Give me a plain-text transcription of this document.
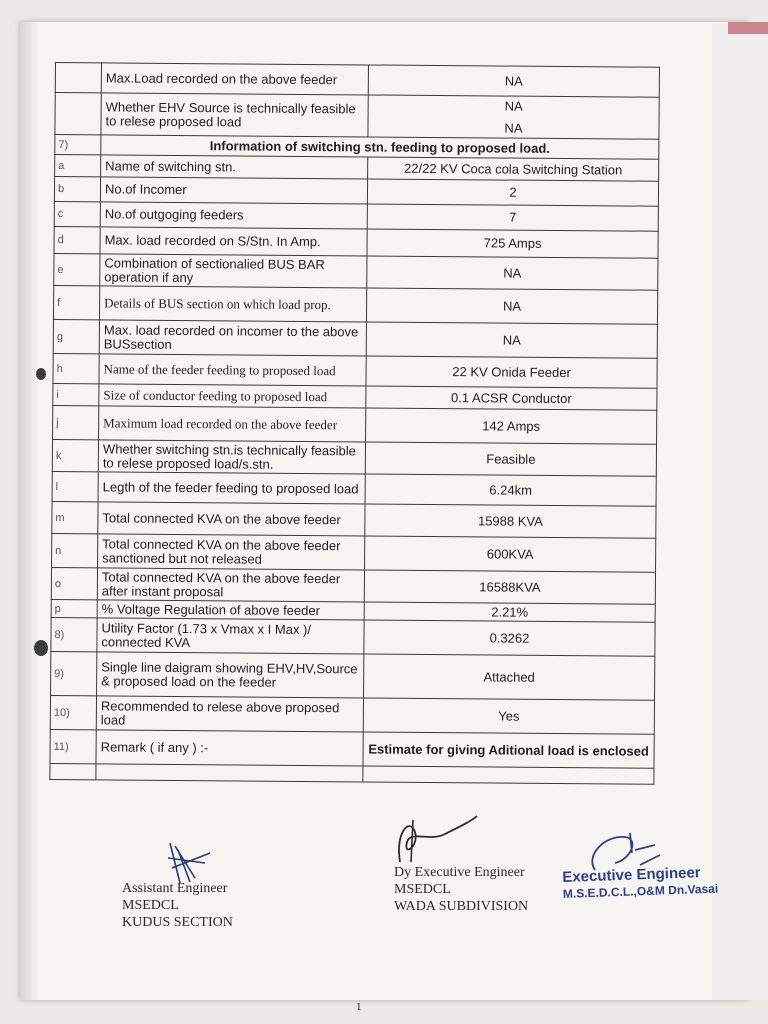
	Max.Load recorded on the above feeder	NA
	Whether EHV Source is technically feasible to relese proposed load	NA
NA

7)	Information of switching stn. feeding to proposed load.	
a	Name of switching stn.	22/22 KV Coca cola Switching Station
b	No.of Incomer	2
c	No.of outgoging feeders	7
d	Max. load recorded on S/Stn. In Amp.	725 Amps
e	Combination of sectionalied BUS BAR operation if any	NA
f	Details of BUS section on which load prop.	NA
g	Max. load recorded on incomer to the above BUSsection	NA
h	Name of the feeder feeding to proposed load	22 KV Onida Feeder
i	Size of conductor feeding to proposed load	0.1 ACSR Conductor
j	Maximum load recorded on the above feeder	142 Amps
k	Whether switching stn.is technically feasible to relese proposed load/s.stn.	Feasible
l	Legth of the feeder feeding to proposed load	6.24km
m	Total connected KVA on the above feeder	15988 KVA
n	Total connected KVA on the above feeder sanctioned but not released	600KVA
o	Total connected KVA on the above feeder after instant proposal	16588KVA
p	% Voltage Regulation of above feeder	2.21%
8)	Utility Factor (1.73 x Vmax x I Max )/ connected KVA	0.3262
9)	Single line daigram showing EHV,HV,Source & proposed load on the feeder	Attached
10)	Recommended to relese above proposed load	Yes
11)	Remark ( if any ) :-	Estimate for giving Aditional load is enclosed

Assistant Engineer
MSEDCL
KUDUS SECTION
Dy Executive Engineer
MSEDCL
WADA SUBDIVISION
Executive Engineer
M.S.E.D.C.L.,O&M Dn.Vasai
1
